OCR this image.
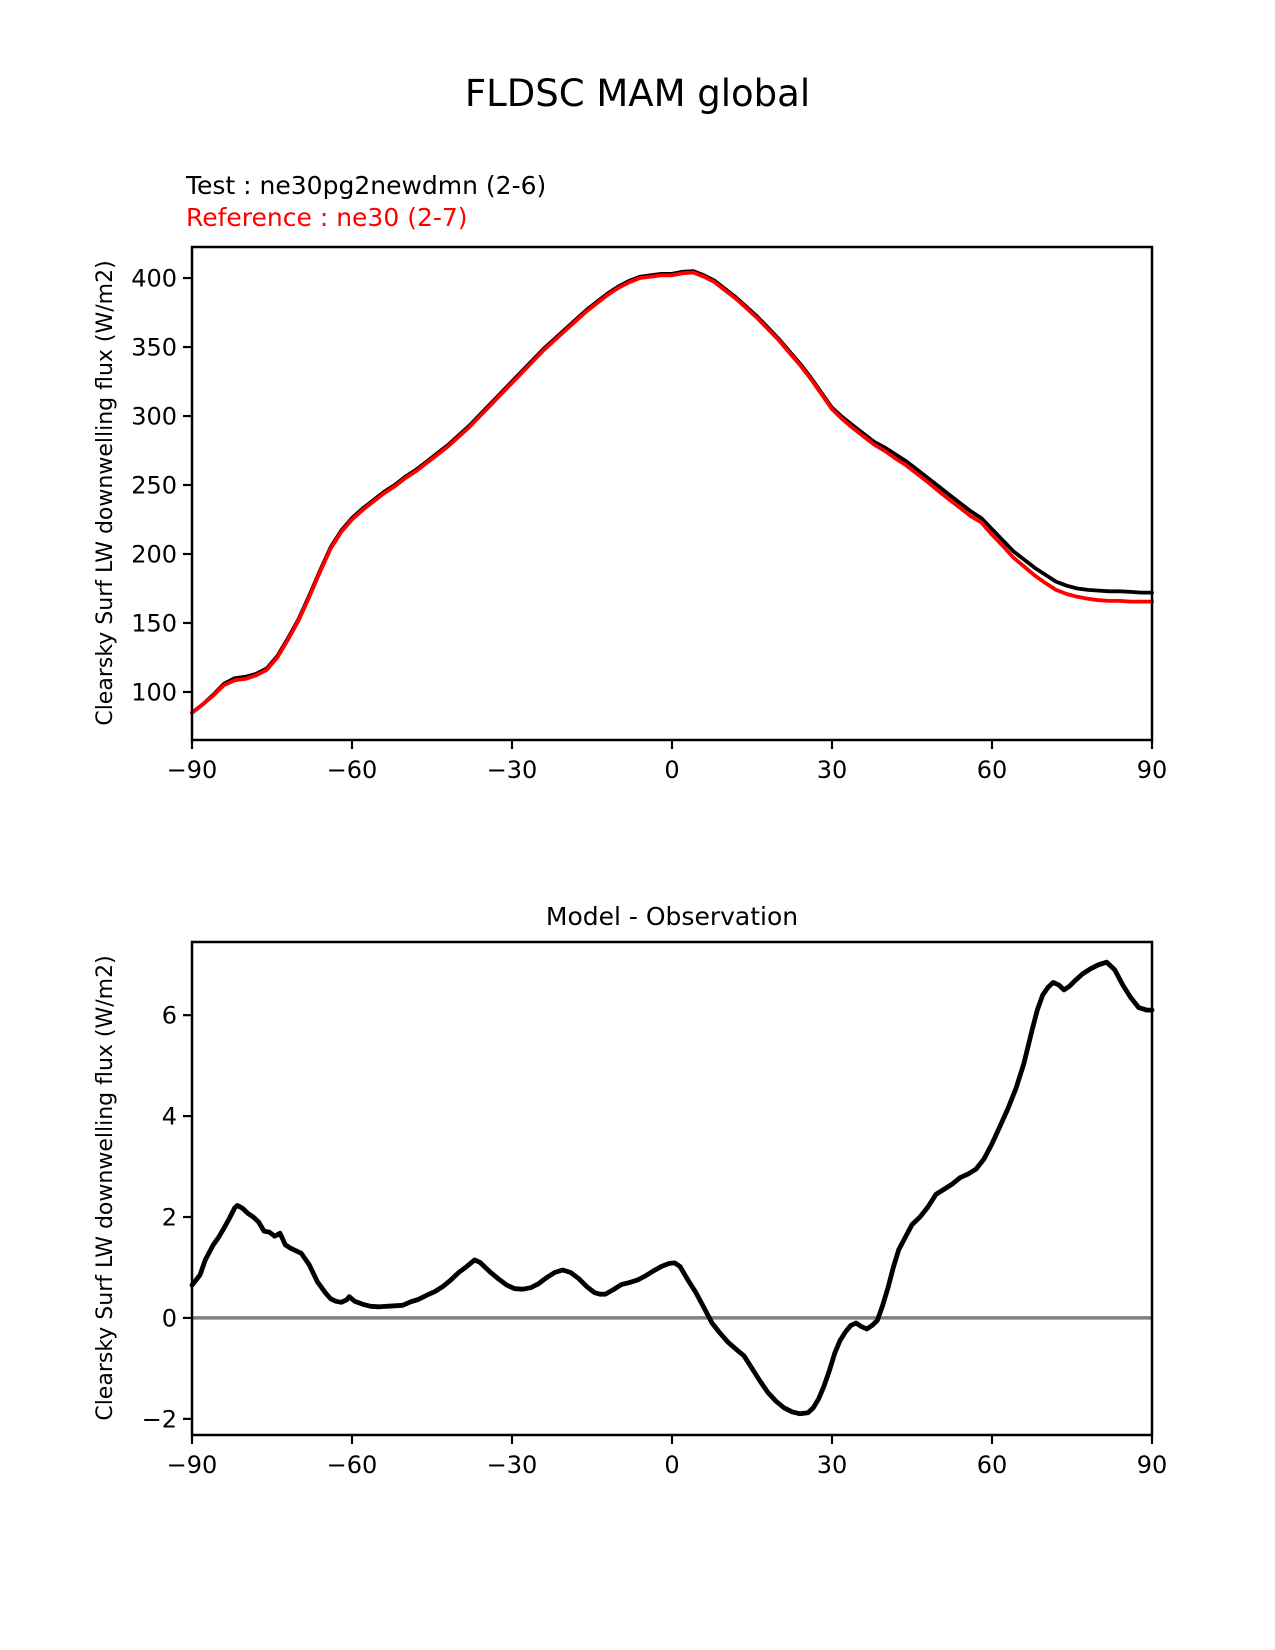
FLDSC MAM global
Test : ne30pg2newdmn (2-6)
Reference : ne30 (2-7)
−90	−60	−30	0	30	60	90
100
150
200
250
300
350
400
−90	−60	−30	0	30	60	90
−2
0
2
4
6
Clearsky Surf LW downwelling flux (W/m2)
Clearsky Surf LW downwelling flux (W/m2)
Model - Observation
